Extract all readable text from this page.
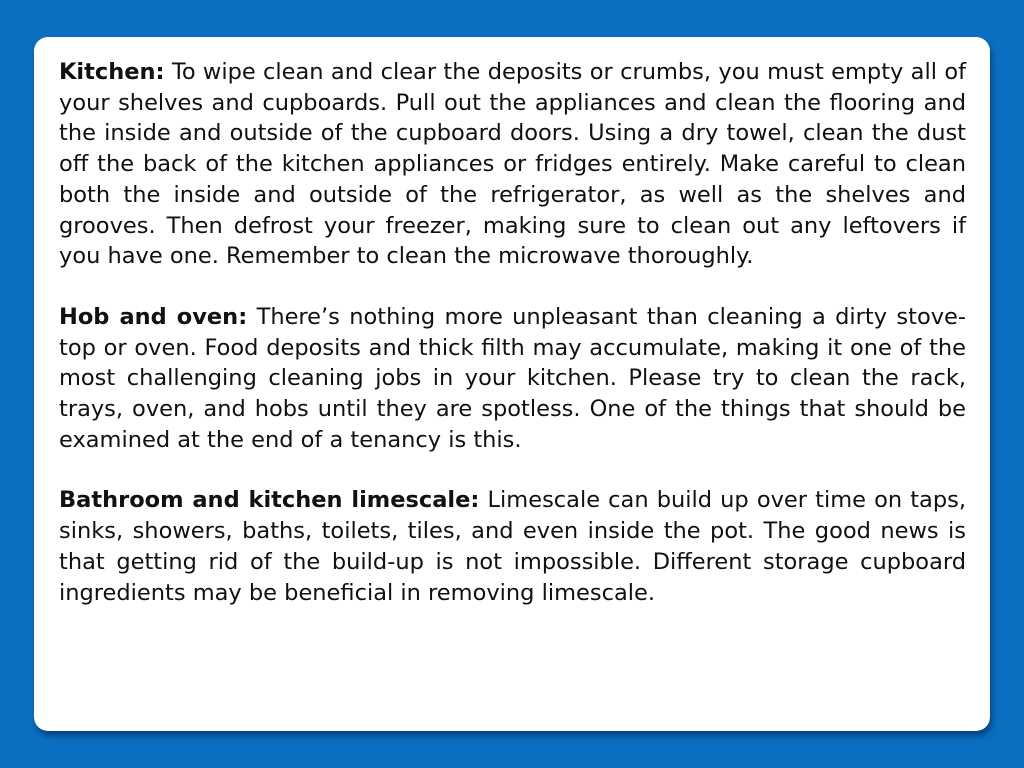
Kitchen: To wipe clean and clear the deposits or crumbs, you must empty all of your shelves and cupboards. Pull out the appliances and clean the flooring and the inside and outside of the cupboard doors. Using a dry towel, clean the dust off the back of the kitchen appliances or fridges entirely. Make careful to clean both the inside and outside of the refrigerator, as well as the shelves and grooves. Then defrost your freezer, making sure to clean out any leftovers if you have one. Remember to clean the microwave thoroughly.

Hob and oven: There’s nothing more unpleasant than cleaning a dirty stove-top or oven. Food deposits and thick filth may accumulate, making it one of the most challenging cleaning jobs in your kitchen. Please try to clean the rack, trays, oven, and hobs until they are spotless. One of the things that should be examined at the end of a tenancy is this.

Bathroom and kitchen limescale: Limescale can build up over time on taps, sinks, showers, baths, toilets, tiles, and even inside the pot. The good news is that getting rid of the build-up is not impossible. Different storage cupboard ingredients may be beneficial in removing limescale.
